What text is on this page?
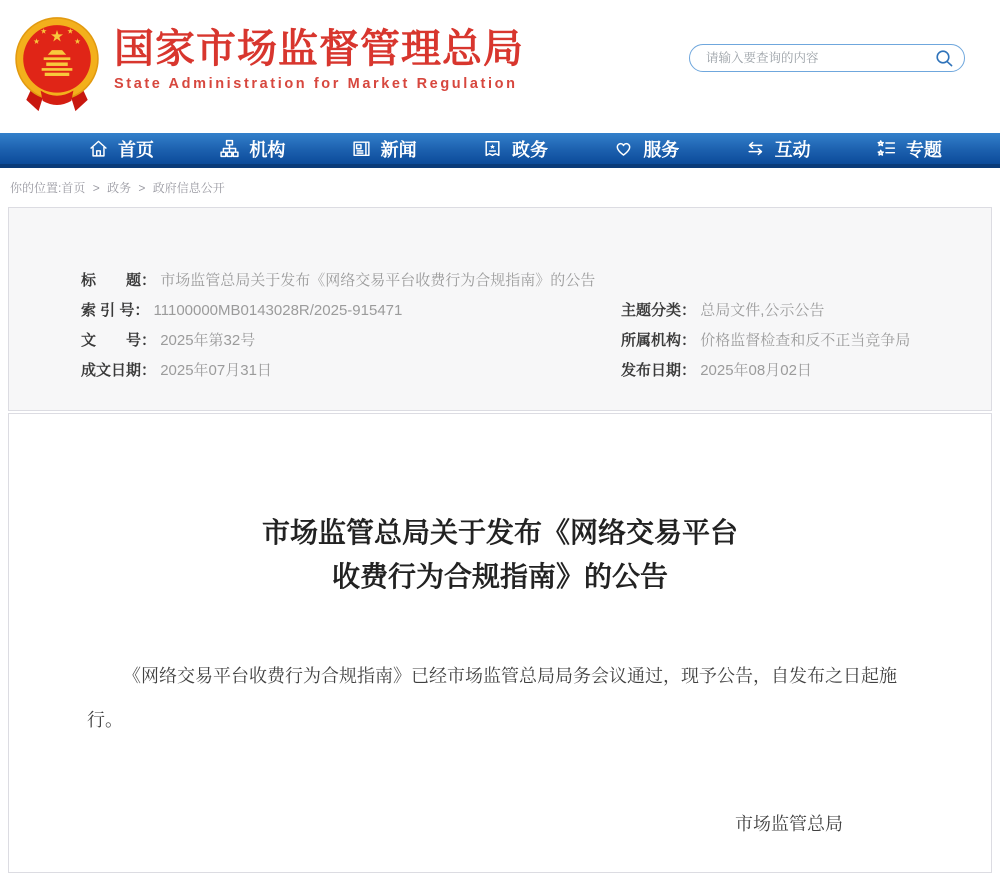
国家市场监督管理总局
State Administration for Market Regulation
请输入要查询的内容
首页	机构	新闻	政务	服务	互动	专题
你的位置:首页 > 政务 > 政府信息公开
标　　题： 市场监管总局关于发布《网络交易平台收费行为合规指南》的公告
索 引 号： 11100000MB0143028R/2025-915471
文　　号： 2025年第32号
成文日期： 2025年07月31日
主题分类： 总局文件,公示公告
所属机构： 价格监督检查和反不正当竞争局
发布日期： 2025年08月02日
市场监管总局关于发布《网络交易平台
收费行为合规指南》的公告

《网络交易平台收费行为合规指南》已经市场监管总局局务会议通过，现予公告，自发布之日起施行。

市场监管总局
